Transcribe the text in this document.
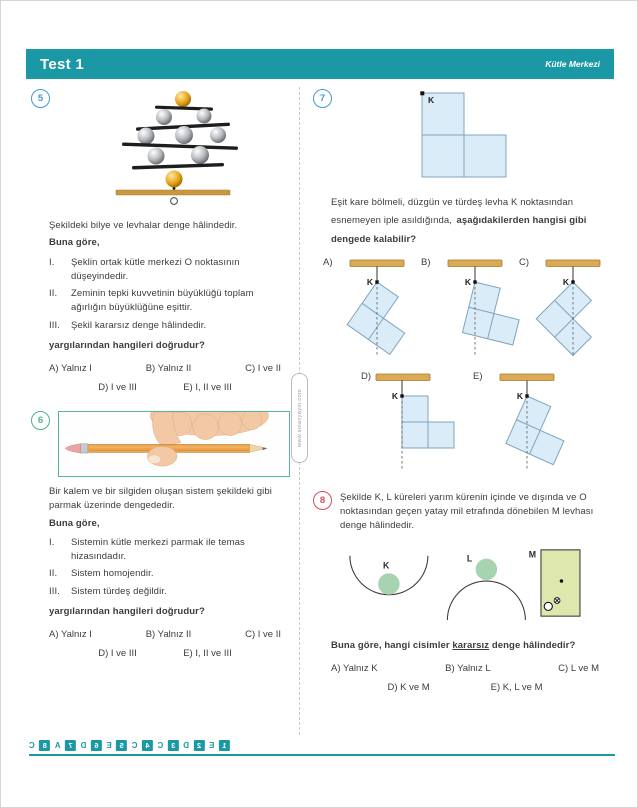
Test 1	Kütle Merkezi
www.sinavyayin.com
5
Şekildeki bilye ve levhalar denge hâlindedir.
Buna göre,
I.	Şeklin ortak kütle merkezi O noktasının düşeyindedir.
II.	Zeminin tepki kuvvetinin büyüklüğü toplam ağırlığın büyüklüğüne eşittir.
III.	Şekil kararsız denge hâlindedir.
yargılarından hangileri doğrudur?
A) Yalnız I	B) Yalnız II	C) I ve II
D) I ve III	E) I, II ve III
6
Bir kalem ve bir silgiden oluşan sistem şekildeki gibi parmak üzerinde dengededir.
Buna göre,
I.	Sistemin kütle merkezi parmak ile temas hizasındadır.
II.	Sistem homojendir.
III.	Sistem türdeş değildir.
yargılarından hangileri doğrudur?
A) Yalnız I	B) Yalnız II	C) I ve II
D) I ve III	E) I, II ve III
7	K
Eşit kare bölmeli, düzgün ve türdeş levha K noktasından esnemeyen iple asıldığında, aşağıdakilerden hangisi gibi dengede kalabilir?
A)
K
B)
K
C)
K
D)
K
E)
K
8	Şekilde K, L küreleri yarım kürenin içinde ve dışında ve O noktasından geçen yatay mil etrafında dönebilen M levhası denge hâlindedir.
K
L	M
Buna göre, hangi cisimler kararsız denge hâlindedir?
A) Yalnız K	B) Yalnız L	C) L ve M
D) K ve M	E) K, L ve M
1
E
2
D
3
C
4
C
5
E
6
D
7
A
8
C
